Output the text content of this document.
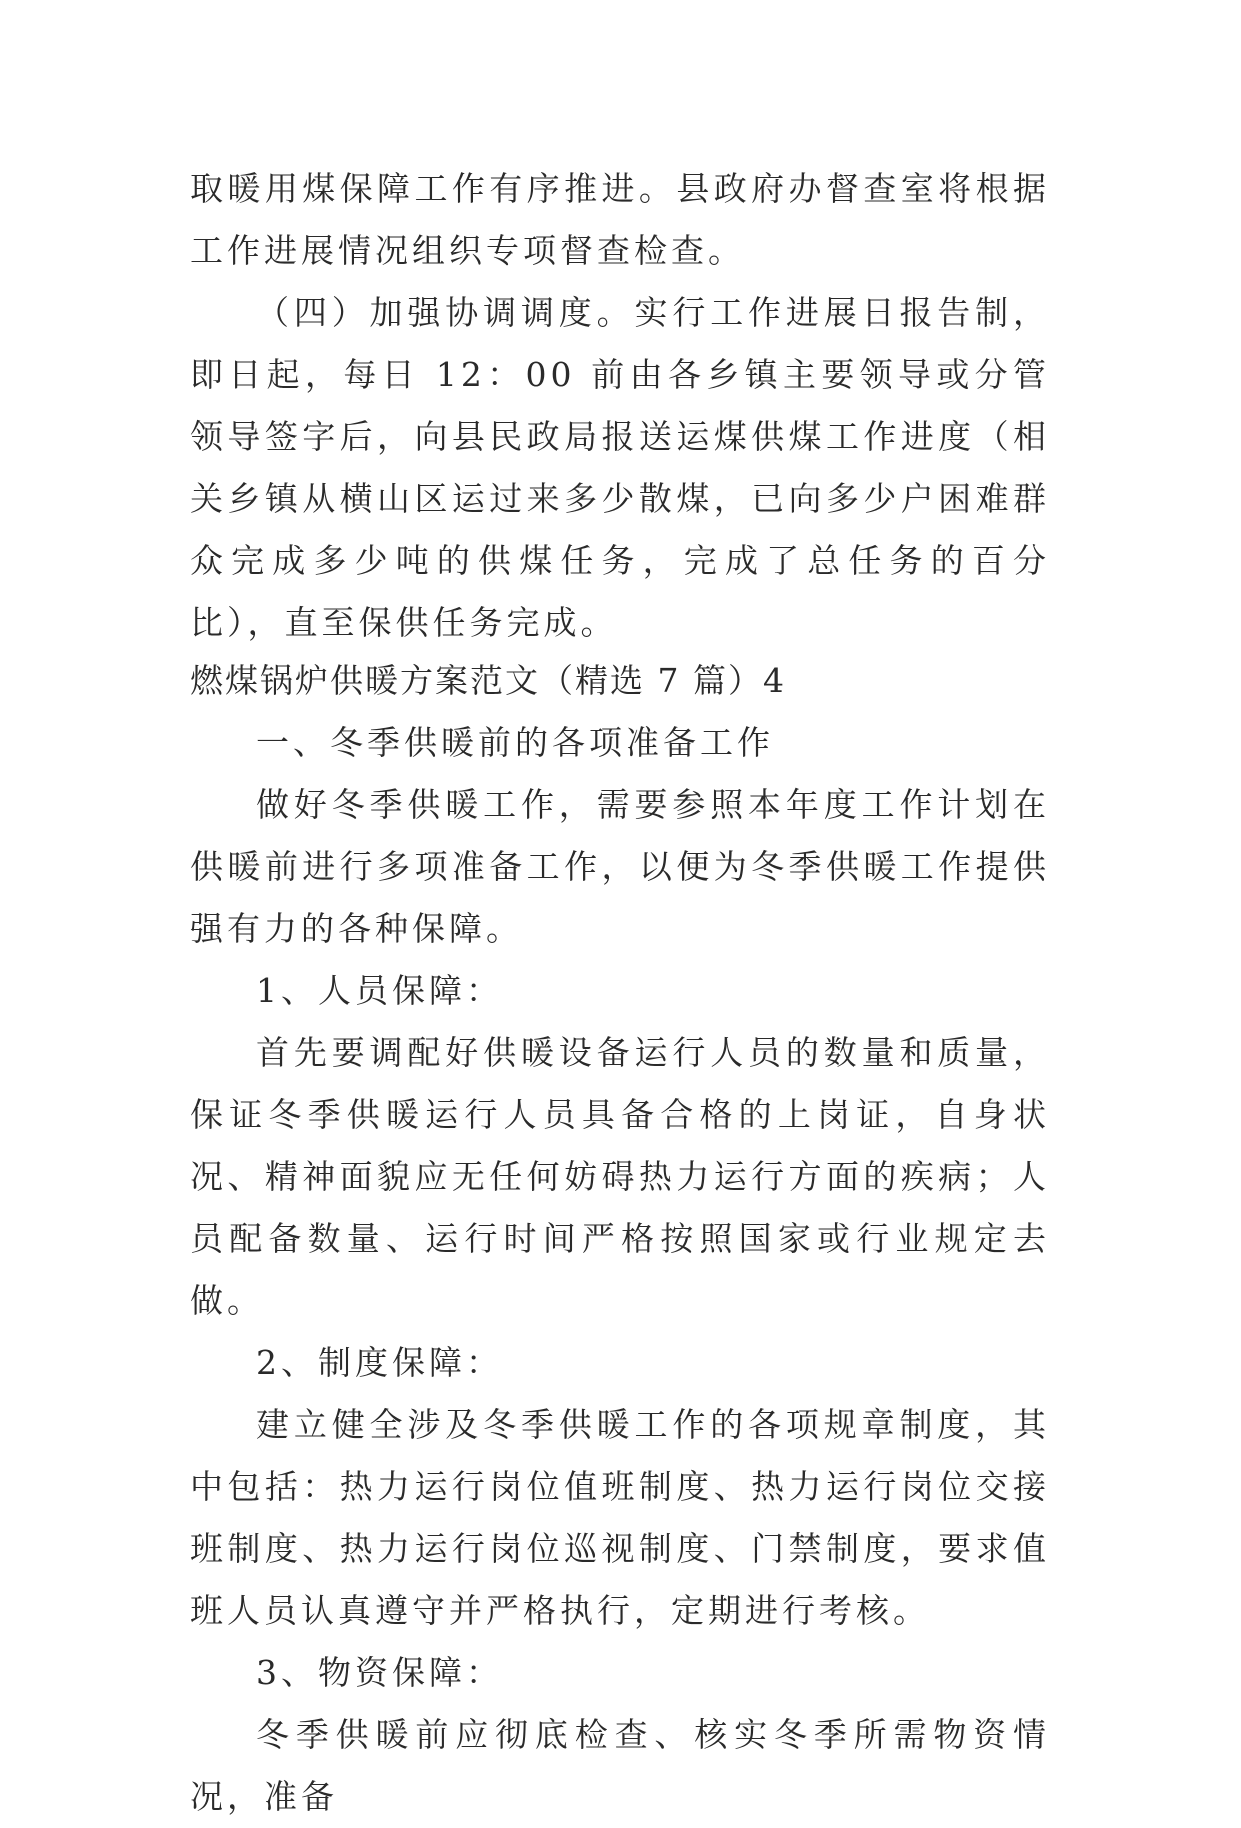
取暖用煤保障工作有序推进。县政府办督查室将根据工作进展情况组织专项督查检查。

（四）加强协调调度。实行工作进展日报告制，即日起，每日 12：00 前由各乡镇主要领导或分管领导签字后，向县民政局报送运煤供煤工作进度（相关乡镇从横山区运过来多少散煤，已向多少户困难群众完成多少吨的供煤任务，完成了总任务的百分比），直至保供任务完成。

燃煤锅炉供暖方案范文（精选 7 篇）4

一、冬季供暖前的各项准备工作

做好冬季供暖工作，需要参照本年度工作计划在供暖前进行多项准备工作，以便为冬季供暖工作提供强有力的各种保障。

1、人员保障：

首先要调配好供暖设备运行人员的数量和质量，保证冬季供暖运行人员具备合格的上岗证，自身状况、精神面貌应无任何妨碍热力运行方面的疾病；人员配备数量、运行时间严格按照国家或行业规定去做。

2、制度保障：

建立健全涉及冬季供暖工作的各项规章制度，其中包括：热力运行岗位值班制度、热力运行岗位交接班制度、热力运行岗位巡视制度、门禁制度，要求值班人员认真遵守并严格执行，定期进行考核。

3、物资保障：

冬季供暖前应彻底检查、核实冬季所需物资情况，准备
